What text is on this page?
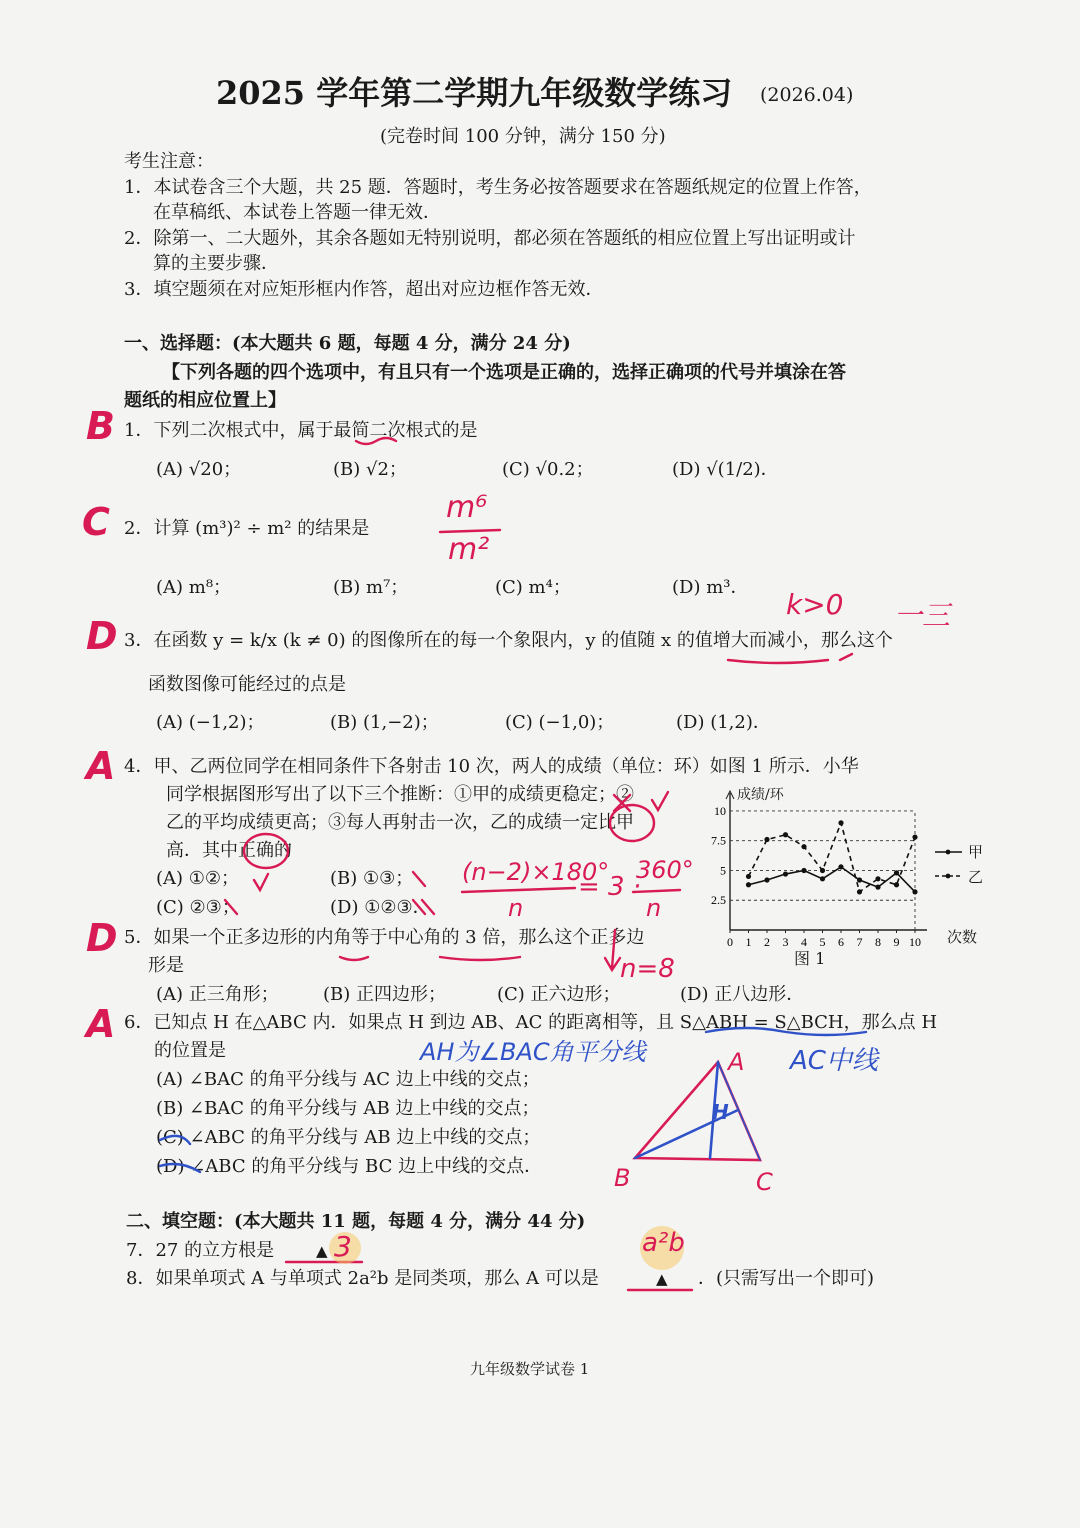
2025 学年第二学期九年级数学练习 (2026.04)
(完卷时间 100 分钟，满分 150 分)
考生注意：
1．本试卷含三个大题，共 25 题．答题时，考生务必按答题要求在答题纸规定的位置上作答，
在草稿纸、本试卷上答题一律无效．
2．除第一、二大题外，其余各题如无特别说明，都必须在答题纸的相应位置上写出证明或计
算的主要步骤．
3．填空题须在对应矩形框内作答，超出对应边框作答无效．
一、选择题：(本大题共 6 题，每题 4 分，满分 24 分)
【下列各题的四个选项中，有且只有一个选项是正确的，选择正确项的代号并填涂在答
题纸的相应位置上】
1．下列二次根式中，属于最简二次根式的是
(A) √20；	(B) √2；	(C) √0.2；	(D) √(1/2)．
2．计算 (m³)² ÷ m² 的结果是
(A) m⁸；	(B) m⁷；	(C) m⁴；	(D) m³．
3．在函数 y = k/x (k ≠ 0) 的图像所在的每一个象限内，y 的值随 x 的值增大而减小，那么这个
函数图像可能经过的点是
(A) (−1,2)；	(B) (1,−2)；	(C) (−1,0)；	(D) (1,2)．
4．甲、乙两位同学在相同条件下各射击 10 次，两人的成绩（单位：环）如图 1 所示．小华
同学根据图形写出了以下三个推断：①甲的成绩更稳定；②
乙的平均成绩更高；③每人再射击一次，乙的成绩一定比甲
高．其中正确的
(A) ①②；	(B) ①③；
(C) ②③；	(D) ①②③．	2.5
5
7.5
10
0 1 2 3 4 5 6 7 8 9 10
成绩/环
次数
图 1
甲
乙
5．如果一个正多边形的内角等于中心角的 3 倍，那么这个正多边
形是
(A) 正三角形； (B) 正四边形；	(C) 正六边形；	(D) 正八边形．
6．已知点 H 在△ABC 内．如果点 H 到边 AB、AC 的距离相等，且 S△ABH = S△BCH，那么点 H
的位置是
(A) ∠BAC 的角平分线与 AC 边上中线的交点；
(B) ∠BAC 的角平分线与 AB 边上中线的交点；
(C) ∠ABC 的角平分线与 AB 边上中线的交点；
(D) ∠ABC 的角平分线与 BC 边上中线的交点．
二、填空题：(本大题共 11 题，每题 4 分，满分 44 分)
7．27 的立方根是	▲
8．如果单项式 A 与单项式 2a²b 是同类项，那么 A 可以是	▲ ．(只需写出一个即可)
九年级数学试卷 1
B
C
D
A
D
A
m⁶
m²
k>0 一三
(n−2)×180°
n
= 3 ·
360°
n
n=8
AH为∠BAC角平分线	AC中线
A
B	C
H
3	a²b
